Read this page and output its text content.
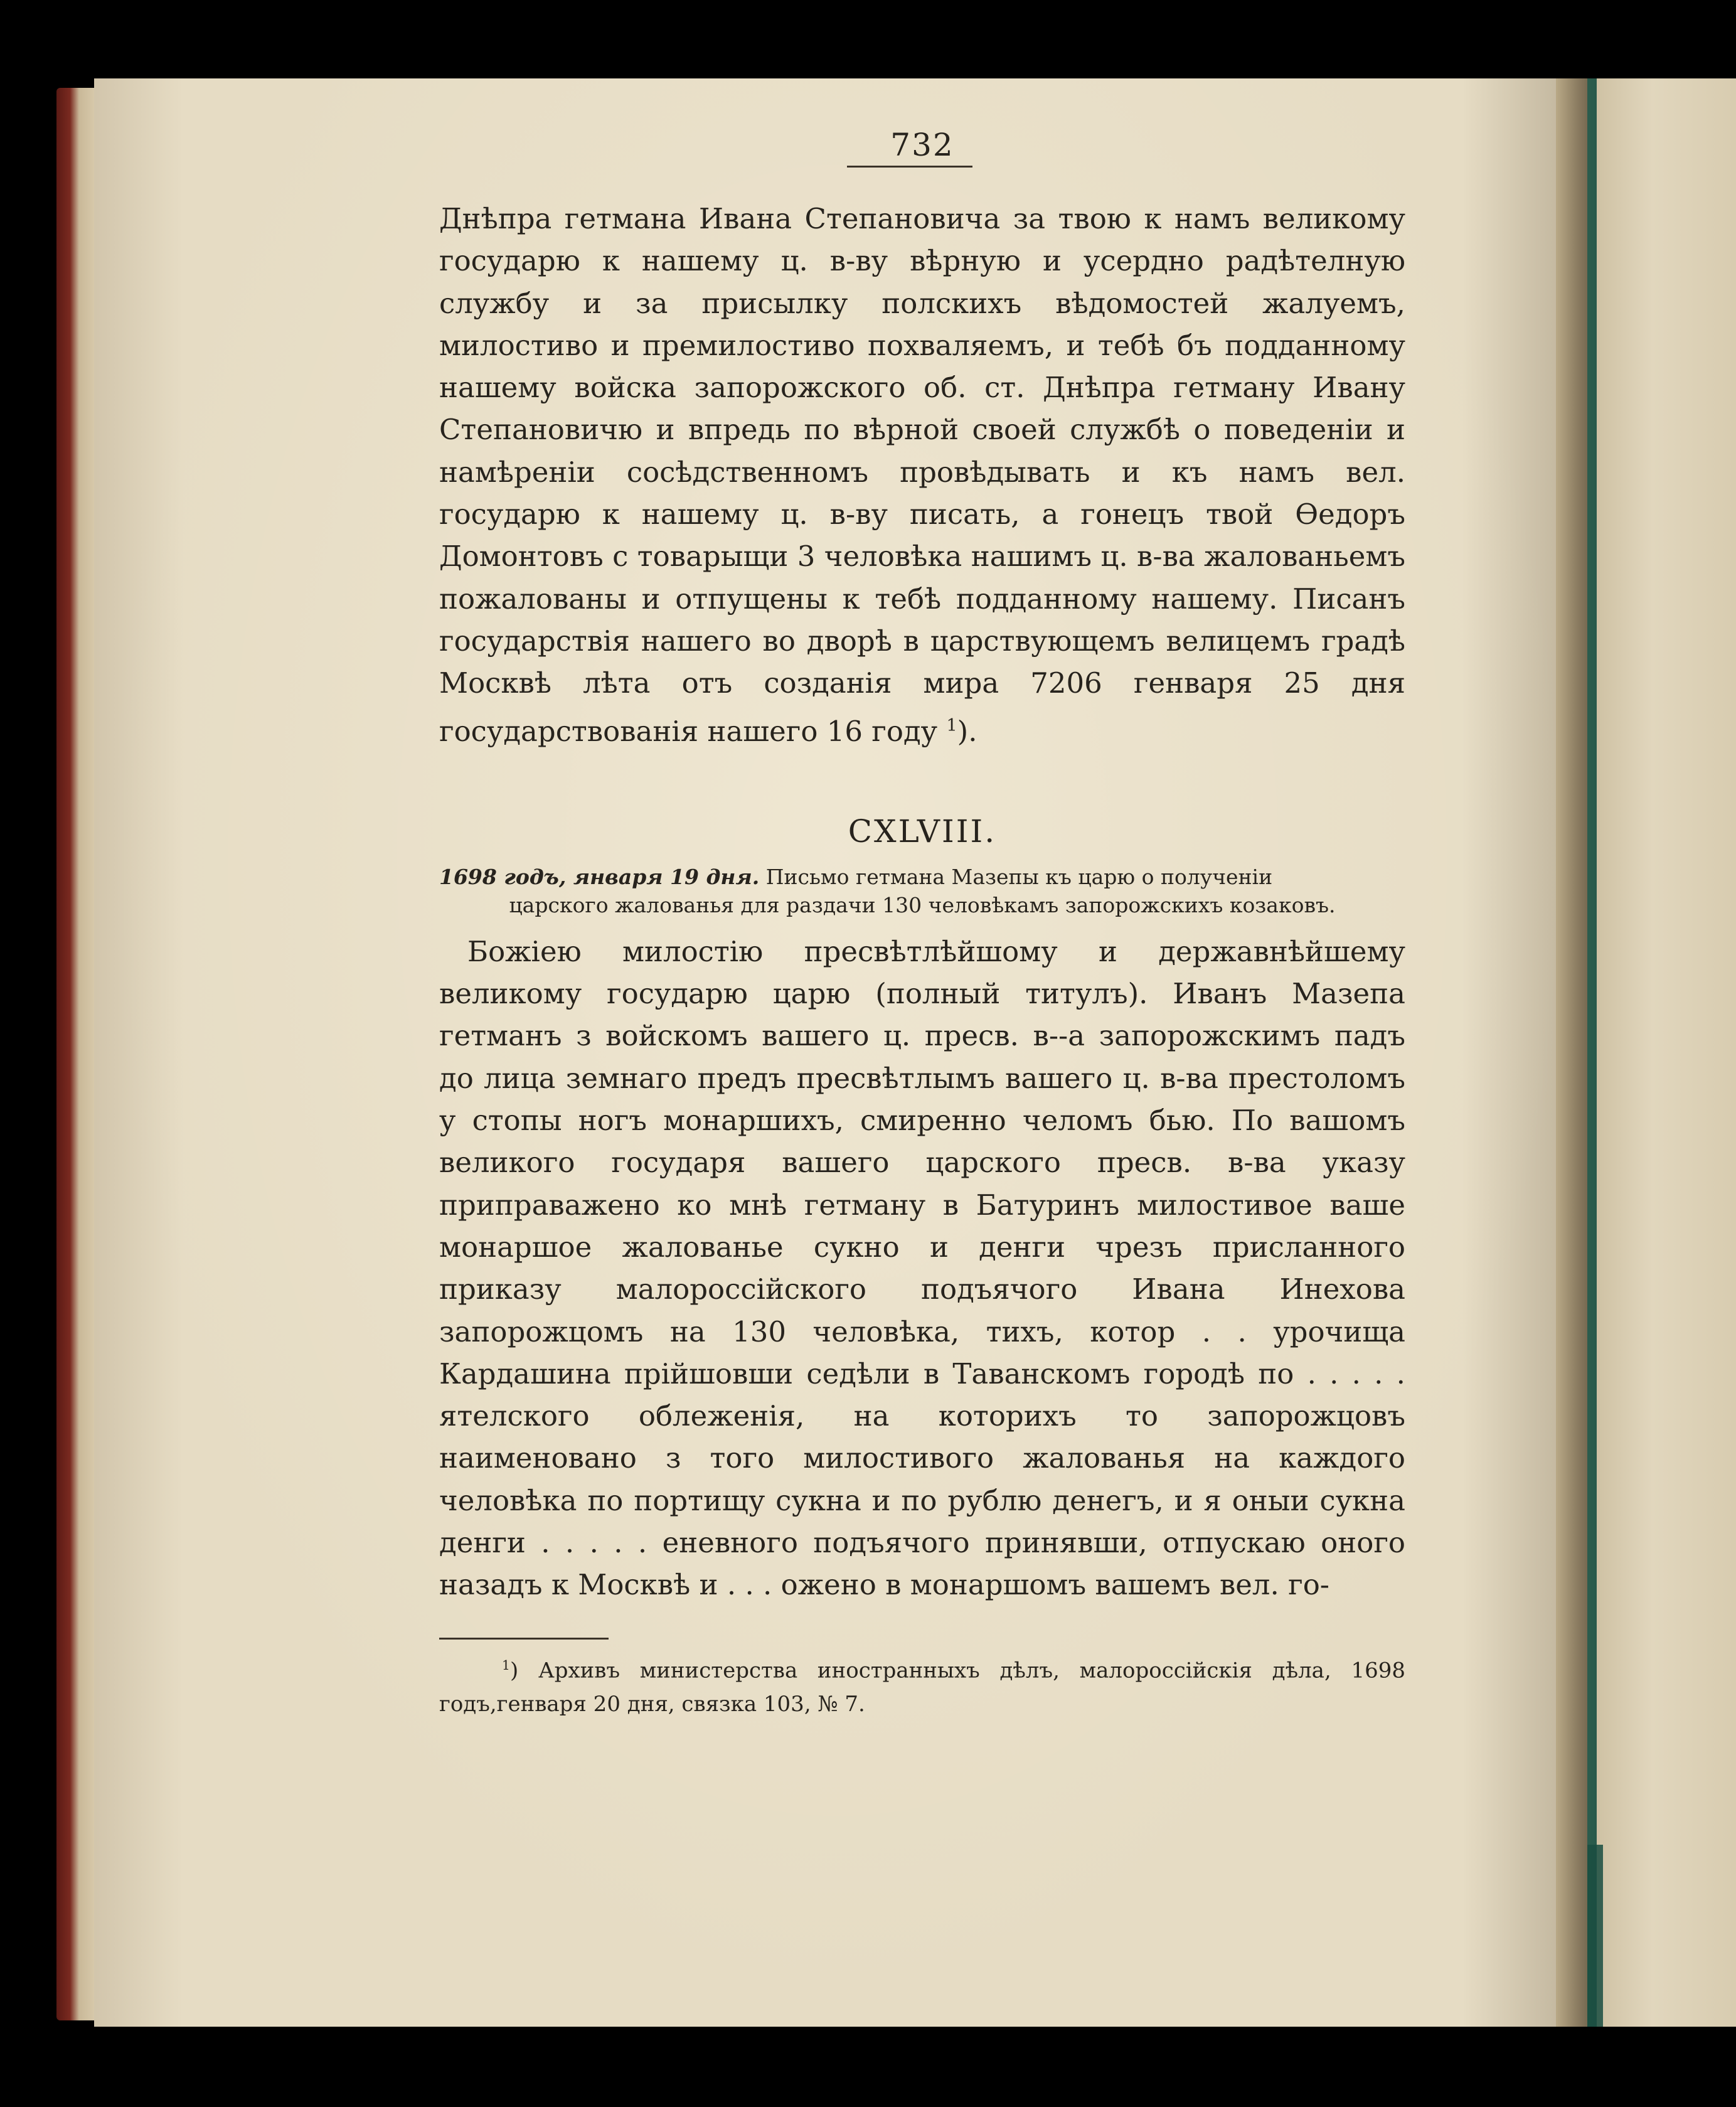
732
Днѣпра гетмана Ивана Степановича за твою к намъ великому государю к нашему ц. в-ву вѣрную и усердно радѣтелную службу и за присылку полскихъ вѣдомостей жалуемъ, милостиво и премилостиво похваляемъ, и тебѣ бъ подданному нашему войска запорожского об. ст. Днѣпра гетману Ивану Степановичю и впредь по вѣрной своей службѣ о поведенiи и намѣренiи сосѣдственномъ провѣдывать и къ намъ вел. государю к нашему ц. в-ву писать, а гонецъ твой Ѳедоръ Домонтовъ с товарыщи 3 человѣка нашимъ ц. в-ва жалованьемъ пожалованы и отпущены к тебѣ подданному нашему. Писанъ государствiя нашего во дворѣ в царствующемъ велицемъ градѣ Москвѣ лѣта отъ созданiя мира 7206 генваря 25 дня государствованiя нашего 16 году $^1$).
CXLVIII.
1698 годъ, января 19 дня. Письмо гетмана Мазепы къ царю о полученiи
царского жалованья для раздачи 130 человѣкамъ запорожскихъ козаковъ.
Божiею милостiю пресвѣтлѣйшому и державнѣйшему великому государю царю (полный титулъ). Иванъ Мазепа гетманъ з войскомъ вашего ц. пресв. в--а запорожскимъ падъ до лица земнаго предъ пресвѣтлымъ вашего ц. в-ва престоломъ у стопы ногъ монаршихъ, смиренно челомъ бью. По вашомъ великого государя вашего царского пресв. в-ва указу приправажено ко мнѣ гетману в Батуринъ милостивое ваше монаршое жалованье сукно и денги чрезъ присланного приказу малороссiйского подъячого Ивана Инехова запорожцомъ на 130 человѣка, тихъ, котор . . урочища Кардашина прiйшовши седѣли в Таванскомъ городѣ по . . . . . ятелского облеженiя, на которихъ то запорожцовъ наименовано з того милостивого жалованья на каждого человѣка по портищу сукна и по рублю денегъ, и я оныи сукна денги . . . . . еневного подъячого принявши, отпускаю оного назадъ к Москвѣ и . . . ожено в монаршомъ вашемъ вел. го-
$^1$) Архивъ министерства иностранныхъ дѣлъ, малороссiйскiя дѣла, 1698 годъ,генваря 20 дня, связка 103, № 7.
